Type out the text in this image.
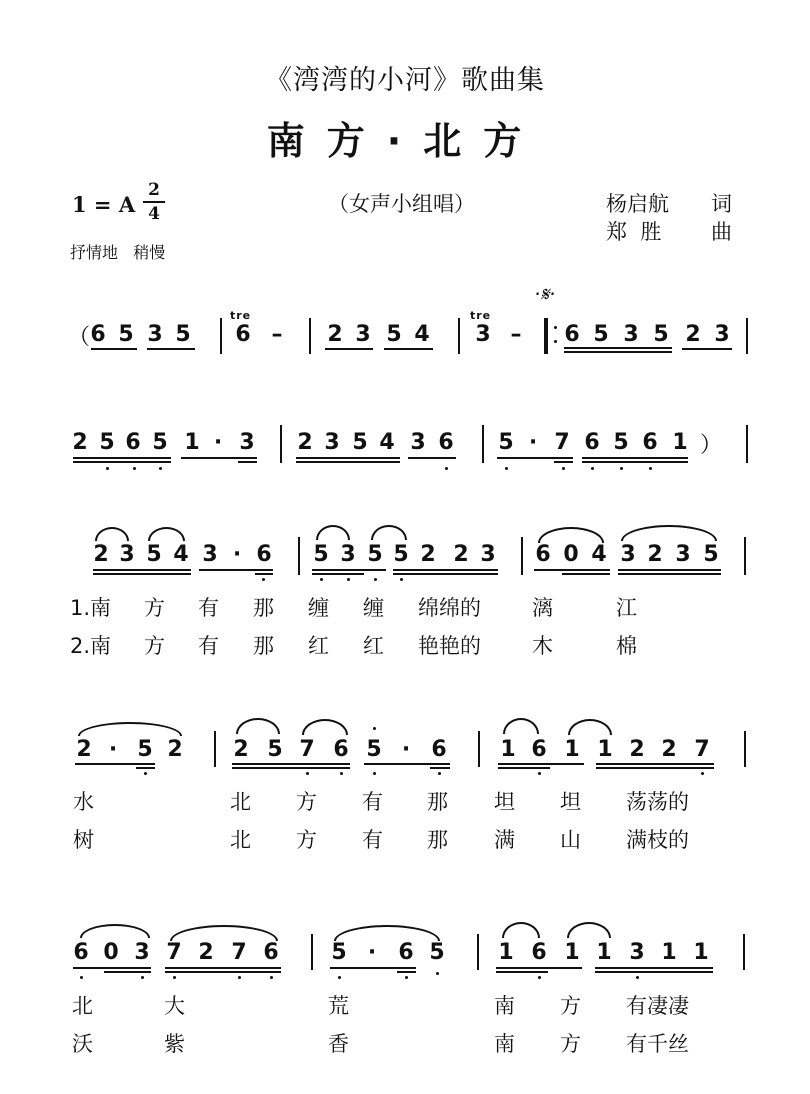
《湾湾的小河》歌曲集
南方·北方
1 = A
2
4
抒情地   稍慢
（女声小组唱）	杨启航 词
郑  胜 曲
（ 6 5 3 5
tre
6 – 2 3 5 4
tre
3 –
·𝄋·
6 5 3 5 2 3
2 5 6 5 1 · 3 2 3 5 4 3 6 5 · 7 6 5 6 1 ）
2 3 5 4 3 · 6 5 3 5 5 2 2 3 6 0 4 3 2 3 5
1.南 方 有 那 缠 缠 绵绵的 漓	江
2.南 方 有 那 红 红 艳艳的 木	棉
2 · 5 2 2 5 7 6 5 · 6 1 6 1 1 2 2 7
水	北 方 有 那 坦 坦 荡荡的
树	北 方 有 那 满 山 满枝的
6 0 3 7 2 7 6 5 · 6 5 1 6 1 1 3 1 1
北	大	荒	南 方 有凄凄
沃	紫	香	南 方 有千丝
